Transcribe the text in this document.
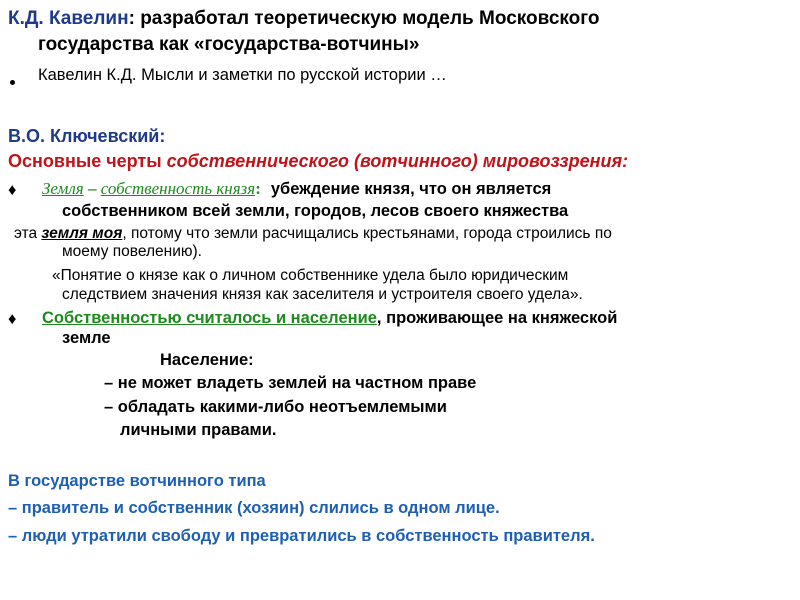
К.Д. Кавелин: разработал теоретическую модель Московского
государства как «государства-вотчины»
Кавелин К.Д. Мысли и заметки по русской истории …
В.О. Ключевский:
Основные черты собственнического (вотчинного) мировоззрения:
♦ Земля – собственность князя: убеждение князя, что он является
собственником всей земли, городов, лесов своего княжества
эта земля моя, потому что земли расчищались крестьянами, города строились по
моему повелению).
«Понятие о князе как о личном собственнике удела было юридическим
следствием значения князя как заселителя и устроителя своего удела».
♦ Собственностью считалось и население, проживающее на княжеской
земле
Население:
– не может владеть землей на частном праве
– обладать какими-либо неотъемлемыми
личными правами.
В государстве вотчинного типа
– правитель и собственник (хозяин) слились в одном лице.
– люди утратили свободу и превратились в собственность правителя.
